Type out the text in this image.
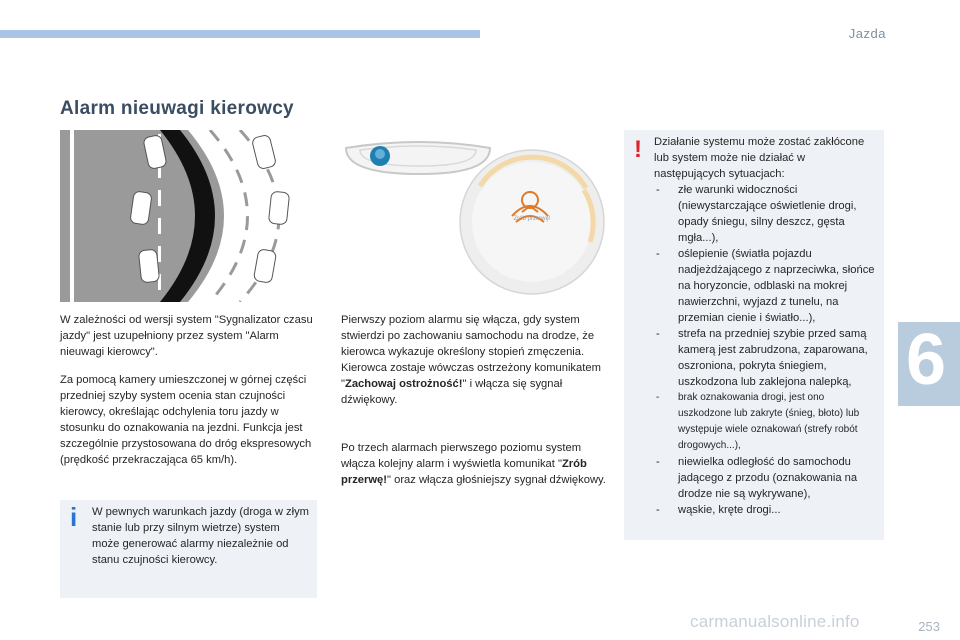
Jazda
6
Alarm nieuwagi kierowcy
Zrób przerwę!

W zależności od wersji system "Sygnalizator czasu jazdy" jest uzupełniony przez system "Alarm nieuwagi kierowcy".

Za pomocą kamery umieszczonej w górnej części przedniej szyby system ocenia stan czujności kierowcy, określając odchylenia toru jazdy w stosunku do oznakowania na jezdni. Funkcja jest szczególnie przystosowana do dróg ekspresowych (prędkość przekraczająca 65 km/h).

i W pewnych warunkach jazdy (droga w złym stanie lub przy silnym wietrze) system może generować alarmy niezależnie od stanu czujności kierowcy.

Pierwszy poziom alarmu się włącza, gdy system stwierdzi po zachowaniu samochodu na drodze, że kierowca wykazuje określony stopień zmęczenia.
Kierowca zostaje wówczas ostrzeżony komunikatem "Zachowaj ostrożność!" i włącza się sygnał dźwiękowy.

Po trzech alarmach pierwszego poziomu system włącza kolejny alarm i wyświetla komunikat "Zrób przerwę!" oraz włącza głośniejszy sygnał dźwiękowy.

! Działanie systemu może zostać zakłócone lub system może nie działać w następujących sytuacjach:

- złe warunki widoczności (niewystarczające oświetlenie drogi, opady śniegu, silny deszcz, gęsta mgła...),
- oślepienie (światła pojazdu nadjeżdżającego z naprzeciwka, słońce na horyzoncie, odblaski na mokrej nawierzchni, wyjazd z tunelu, na przemian cienie i światło...),
- strefa na przedniej szybie przed samą kamerą jest zabrudzona, zaparowana, oszroniona, pokryta śniegiem, uszkodzona lub zaklejona nalepką,
- brak oznakowania drogi, jest ono uszkodzone lub zakryte (śnieg, błoto) lub występuje wiele oznakowań (strefy robót drogowych...),
- niewielka odległość do samochodu jadącego z przodu (oznakowania na drodze nie są wykrywane),
- wąskie, kręte drogi...
carmanualsonline.info	253
